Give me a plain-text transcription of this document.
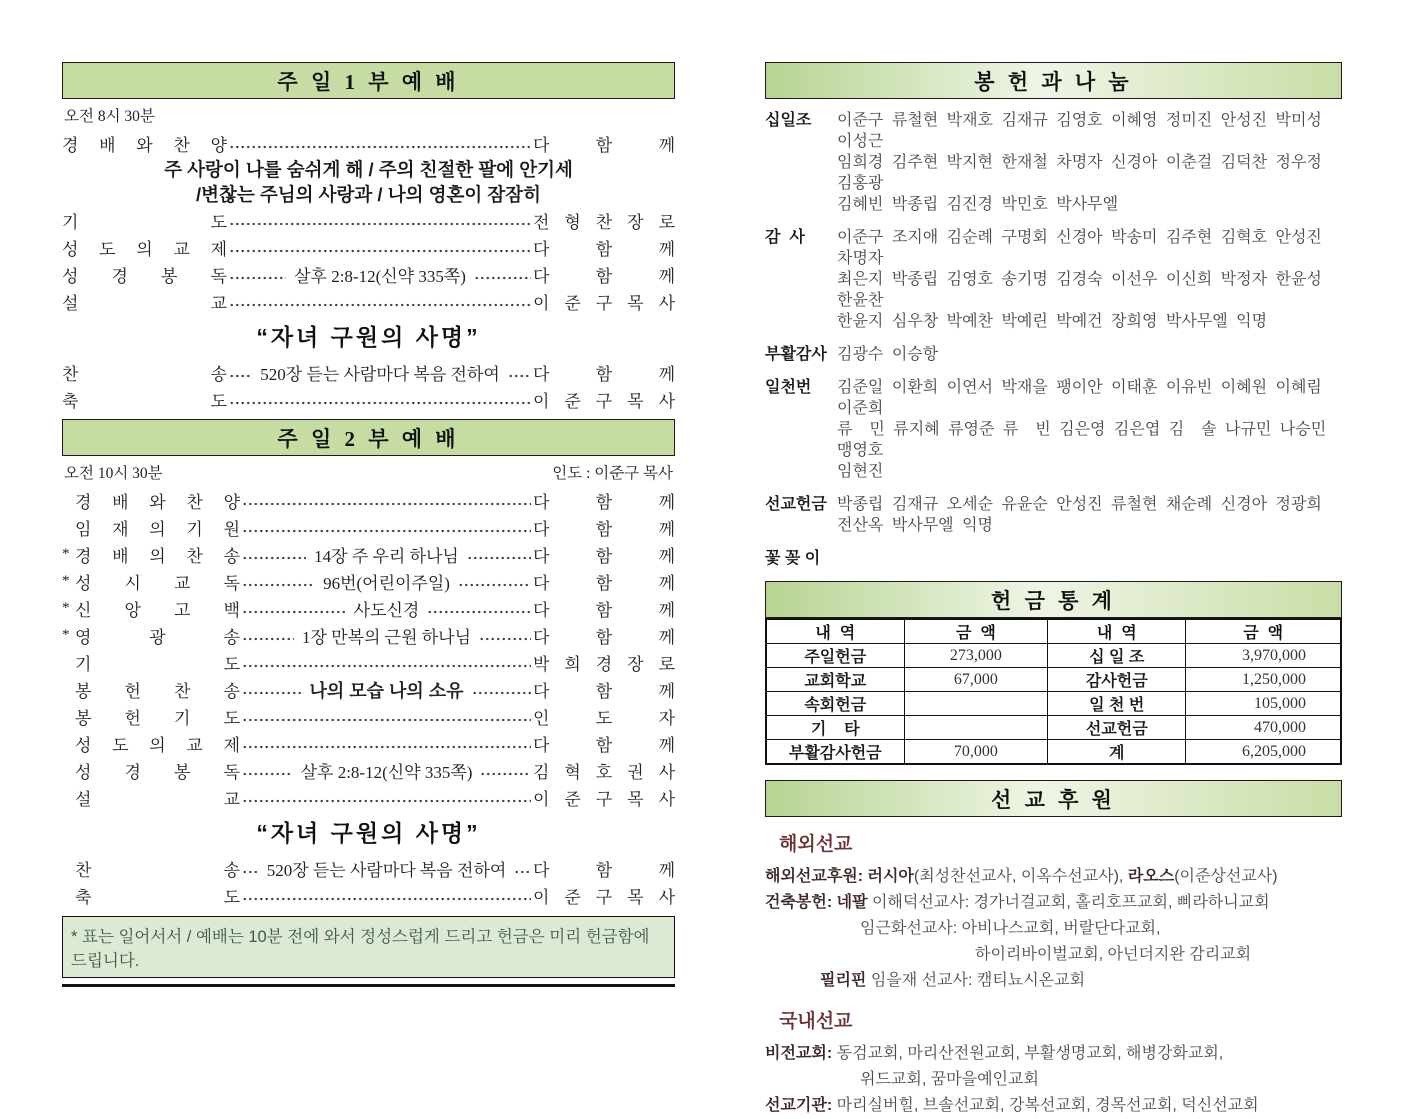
주 일 1 부 예 배
오전 8시 30분
경 배 와 찬 양	다 함 께
주 사랑이 나를 숨쉬게 해 / 주의 친절한 팔에 안기세
/변찮는 주님의 사랑과 / 나의 영혼이 잠잠히
기 도	전 형 찬 장 로
성 도 의 교 제	다 함 께
성 경 봉 독	살후 2:8-12(신약 335쪽)	다 함 께
설 교	이 준 구 목 사
“자녀 구원의 사명”
찬 송	520장 듣는 사람마다 복음 전하여	다 함 께
축 도	이 준 구 목 사
주 일 2 부 예 배
오전 10시 30분	인도 : 이준구 목사
경 배 와 찬 양	다 함 께
임 재 의 기 원	다 함 께
* 경 배 의 찬 송	14장 주 우리 하나님	다 함 께
* 성 시 교 독	96번(어린이주일)	다 함 께
* 신 앙 고 백	사도신경	다 함 께
* 영 광 송	1장 만복의 근원 하나님	다 함 께
기 도	박 희 경 장 로
봉 헌 찬 송	나의 모습 나의 소유	다 함 께
봉 헌 기 도	인 도 자
성 도 의 교 제	다 함 께
성 경 봉 독	살후 2:8-12(신약 335쪽)	김 혁 호 권 사
설 교	이 준 구 목 사
“자녀 구원의 사명”
찬 송	520장 듣는 사람마다 복음 전하여	다 함 께
축 도	이 준 구 목 사
* 표는 일어서서 / 예배는 10분 전에 와서 정성스럽게 드리고 헌금은 미리 헌금함에 드립니다.
봉 헌 과 나 눔
십일조	이준구 류철현 박재호 김재규 김영호 이혜영 정미진 안성진 박미성 이성근
임희경 김주현 박지현 한재철 차명자 신경아 이춘걸 김덕찬 정우정 김홍광
김혜빈 박종립 김진경 박민호 박사무엘
감  사	이준구 조지애 김순례 구명회 신경아 박송미 김주현 김혁호 안성진 차명자
최은지 박종립 김영호 송기명 김경숙 이선우 이신희 박정자 한윤성 한윤찬
한윤지 심우창 박예찬 박예린 박예건 장희영 박사무엘 익명
부활감사 김광수 이승항
일천번	김준일 이환희 이연서 박재을 팽이안 이태훈 이유빈 이혜원 이혜림 이준희
류  민 류지혜 류영준 류  빈 김은영 김은엽 김  솔 나규민 나승민 맹영호
임현진
선교헌금 박종립 김재규 오세순 유윤순 안성진 류철현 채순례 신경아 정광희
전산옥 박사무엘 익명
꽃 꽂 이
헌 금 통 계
내  역	금  액	내  역	금  액
주일헌금	273,000	십 일 조	3,970,000
교회학교	67,000	감사헌금	1,250,000
속회헌금		일 천 번	105,000
기    타		선교헌금	470,000
부활감사헌금	70,000	계	6,205,000
선 교 후 원
해외선교
해외선교후원: 러시아(최성찬선교사, 이옥수선교사), 라오스(이준상선교사)
건축봉헌: 네팔 이해덕선교사: 경가너걸교회, 홀리호프교회, 삐라하니교회
임근화선교사: 아비나스교회, 버랄단다교회,
하이리바이벌교회, 아넌더지완 감리교회
필리핀 임을재 선교사: 캠티뇨시온교회
국내선교
비전교회: 동검교회, 마리산전원교회, 부활생명교회, 해병강화교회,
위드교회, 꿈마을예인교회
선교기관: 마리실버힐, 브솔선교회, 강복선교회, 경목선교회, 덕신선교회
